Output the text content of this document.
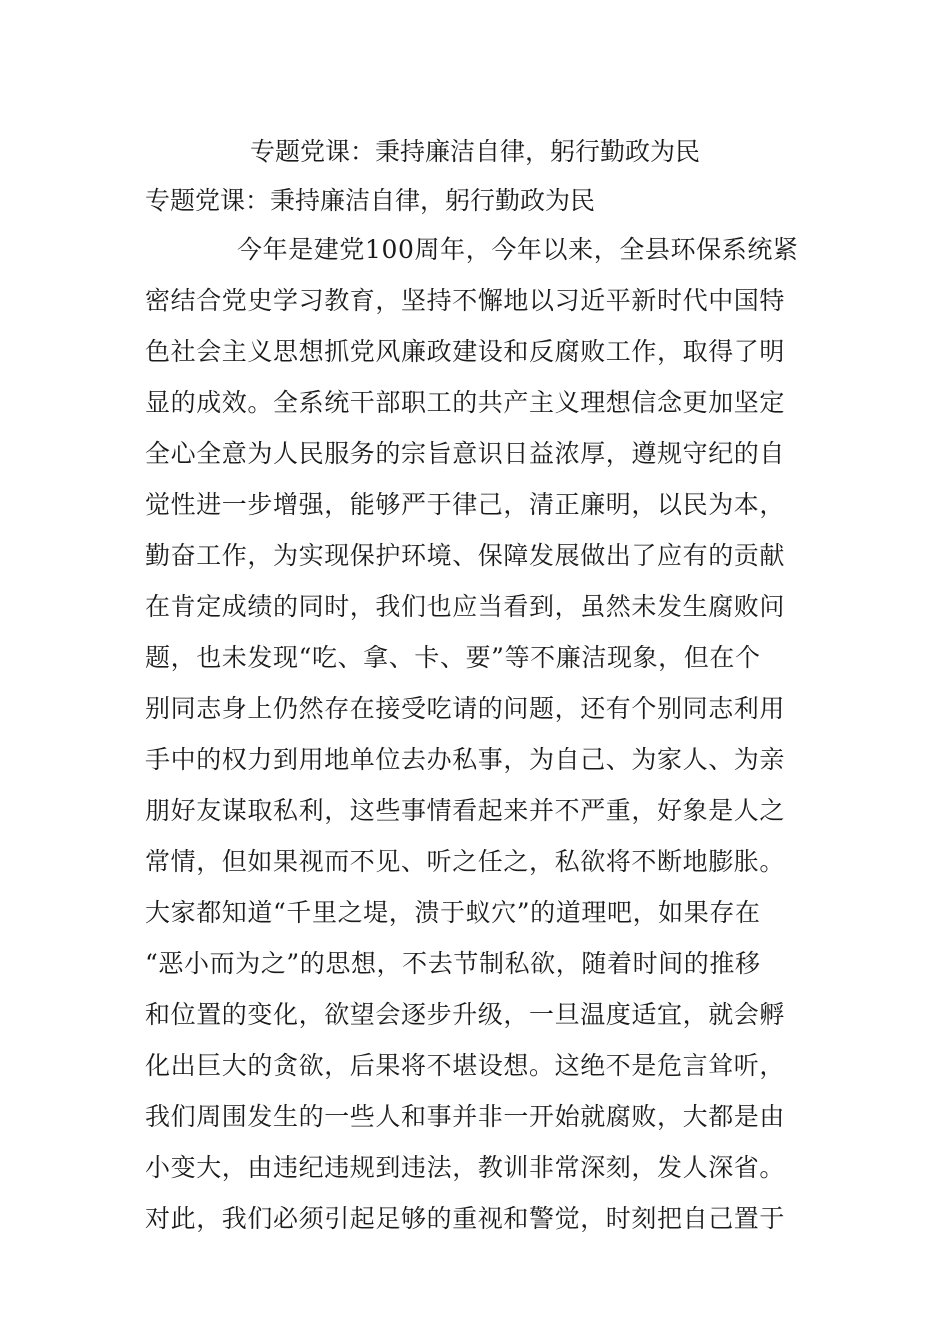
专题党课：秉持廉洁自律，躬行勤政为民
专题党课：秉持廉洁自律，躬行勤政为民
今年是建党100周年，今年以来，全县环保系统紧
密结合党史学习教育，坚持不懈地以习近平新时代中国特
色社会主义思想抓党风廉政建设和反腐败工作，取得了明
显的成效。全系统干部职工的共产主义理想信念更加坚定
全心全意为人民服务的宗旨意识日益浓厚，遵规守纪的自
觉性进一步增强，能够严于律己，清正廉明，以民为本，
勤奋工作，为实现保护环境、保障发展做出了应有的贡献
在肯定成绩的同时，我们也应当看到，虽然未发生腐败问
题，也未发现“吃、拿、卡、要”等不廉洁现象，但在个
别同志身上仍然存在接受吃请的问题，还有个别同志利用
手中的权力到用地单位去办私事，为自己、为家人、为亲
朋好友谋取私利，这些事情看起来并不严重，好象是人之
常情，但如果视而不见、听之任之，私欲将不断地膨胀。
大家都知道“千里之堤，溃于蚁穴”的道理吧，如果存在
“恶小而为之”的思想，不去节制私欲，随着时间的推移
和位置的变化，欲望会逐步升级，一旦温度适宜，就会孵
化出巨大的贪欲，后果将不堪设想。这绝不是危言耸听，
我们周围发生的一些人和事并非一开始就腐败，大都是由
小变大，由违纪违规到违法，教训非常深刻，发人深省。
对此，我们必须引起足够的重视和警觉，时刻把自己置于
